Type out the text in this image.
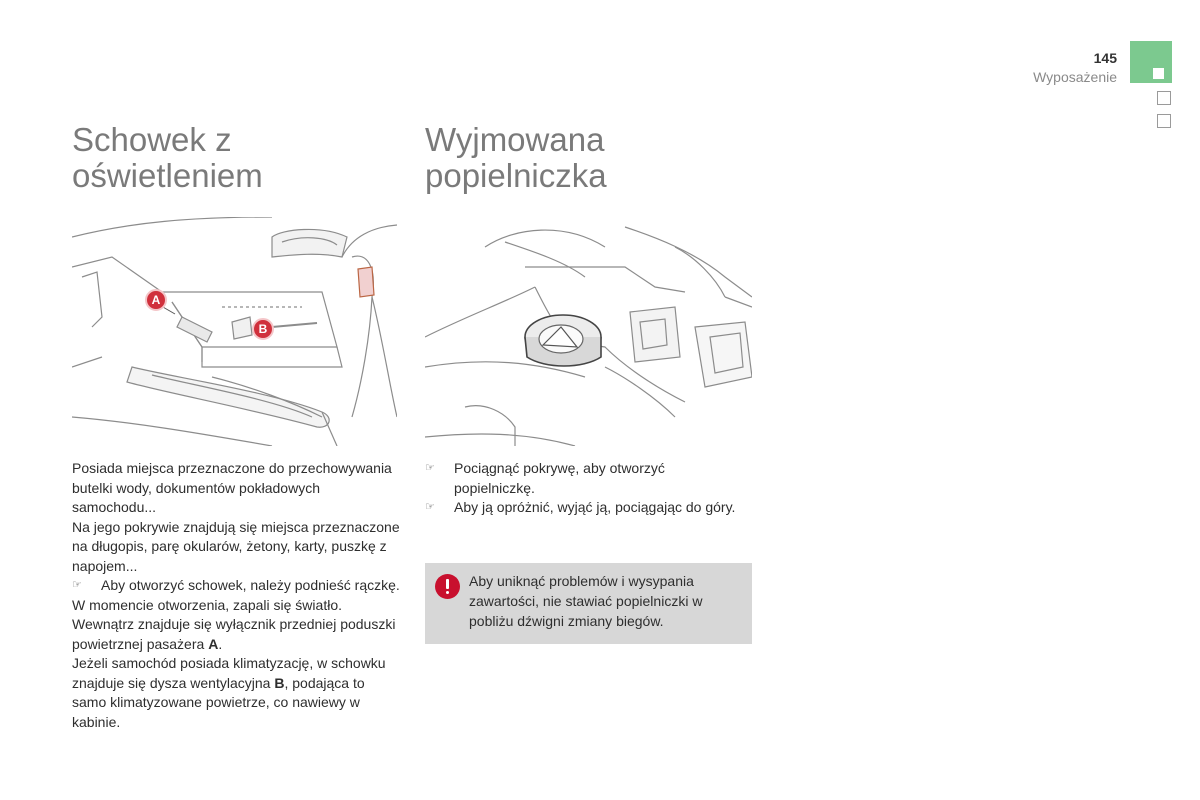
145
Wyposażenie
Schowek z
oświetleniem
A
B

Posiada miejsca przeznaczone do przechowywania butelki wody, dokumentów pokładowych samochodu...

Na jego pokrywie znajdują się miejsca przeznaczone na długopis, parę okularów, żetony, karty, puszkę z napojem...

☞ Aby otworzyć schowek, należy podnieść rączkę.

W momencie otworzenia, zapali się światło.

Wewnątrz znajduje się wyłącznik przedniej poduszki powietrznej pasażera A.

Jeżeli samochód posiada klimatyzację, w schowku znajduje się dysza wentylacyjna B, podająca to samo klimatyzowane powietrze, co nawiewy w kabinie.

Wyjmowana
popielniczka
☞ Pociągnąć pokrywę, aby otworzyć popielniczkę.
☞ Aby ją opróżnić, wyjąć ją, pociągając do góry.
Aby uniknąć problemów i wysypania zawartości, nie stawiać popielniczki w pobliżu dźwigni zmiany biegów.
